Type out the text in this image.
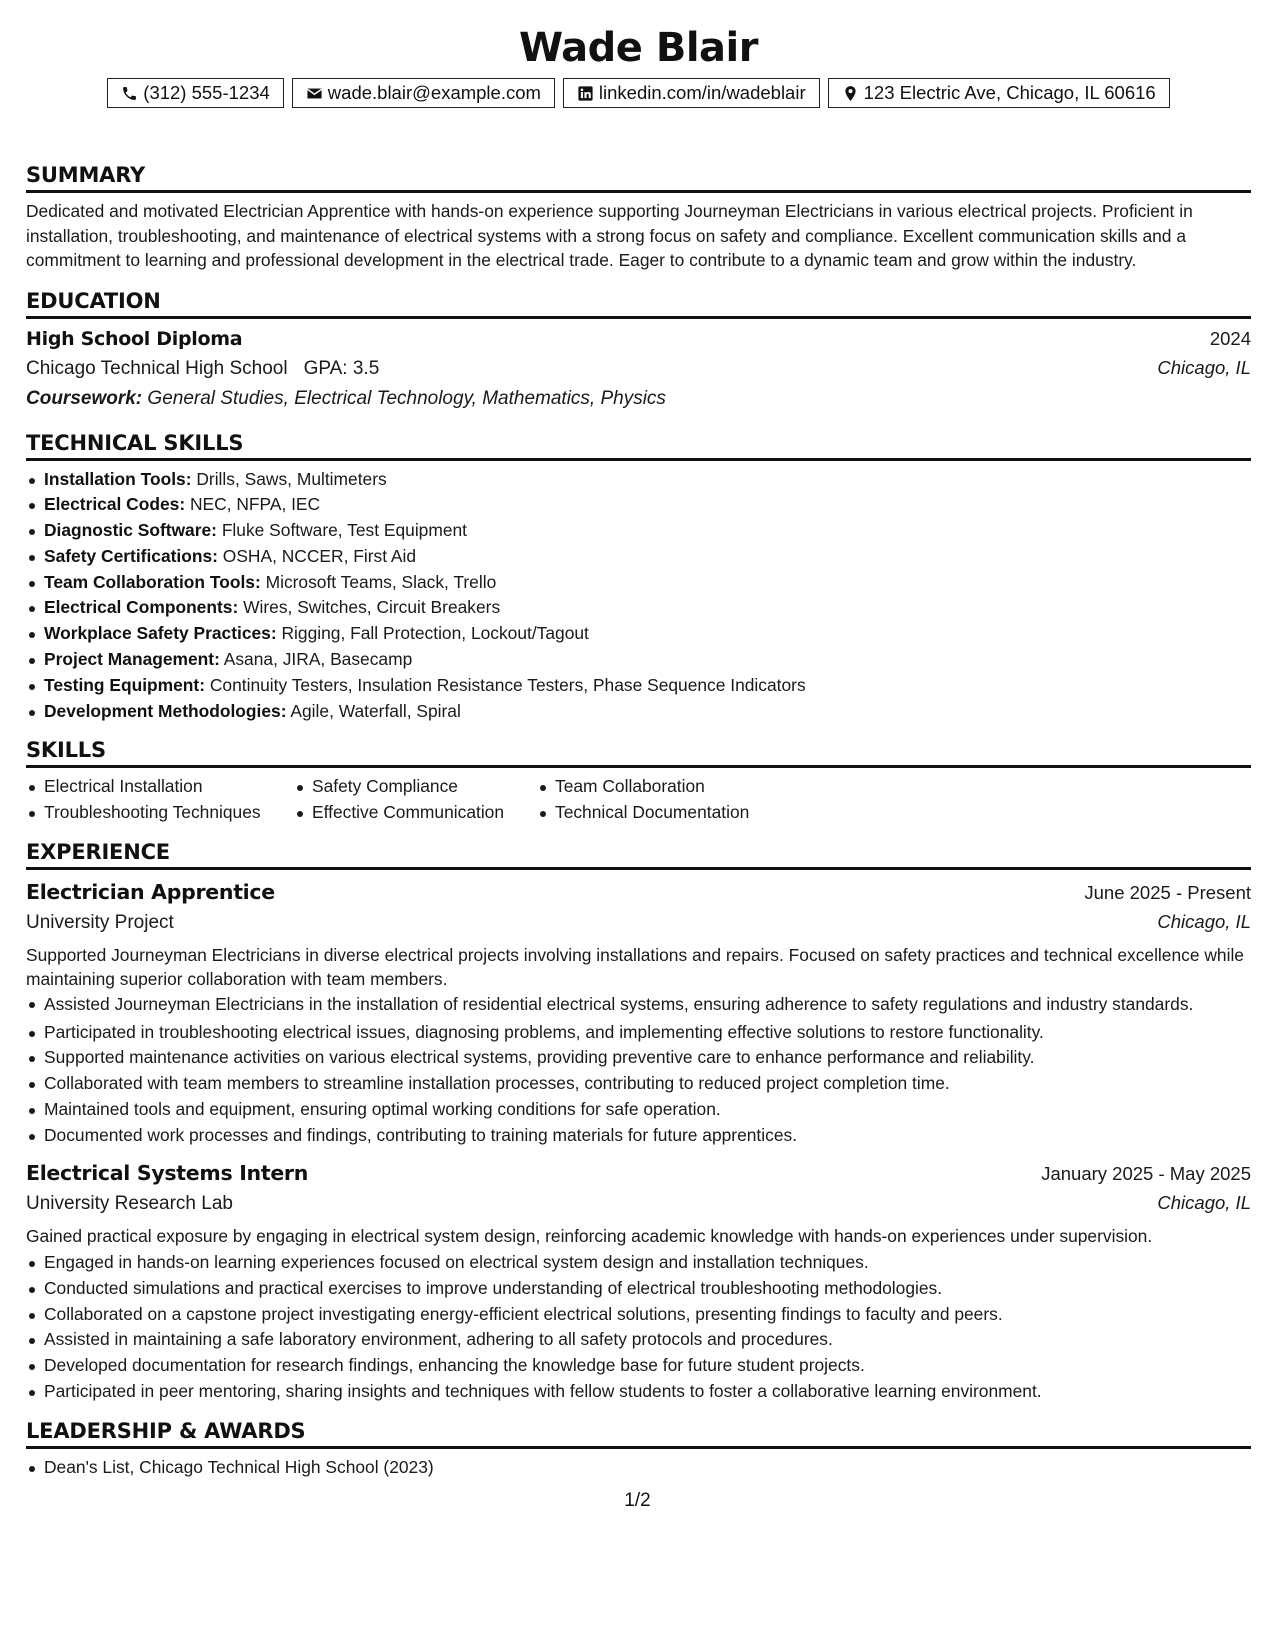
Wade Blair
(312) 555-1234	wade.blair@example.com	linkedin.com/in/wadeblair	123 Electric Ave, Chicago, IL 60616
SUMMARY

Dedicated and motivated Electrician Apprentice with hands-on experience supporting Journeyman Electricians in various electrical projects. Proficient in installation, troubleshooting, and maintenance of electrical systems with a strong focus on safety and compliance. Excellent communication skills and a commitment to learning and professional development in the electrical trade. Eager to contribute to a dynamic team and grow within the industry.

EDUCATION
High School Diploma	2024
Chicago Technical High School GPA: 3.5	Chicago, IL
Coursework: General Studies, Electrical Technology, Mathematics, Physics
TECHNICAL SKILLS
Installation Tools: Drills, Saws, Multimeters
Electrical Codes: NEC, NFPA, IEC
Diagnostic Software: Fluke Software, Test Equipment
Safety Certifications: OSHA, NCCER, First Aid
Team Collaboration Tools: Microsoft Teams, Slack, Trello
Electrical Components: Wires, Switches, Circuit Breakers
Workplace Safety Practices: Rigging, Fall Protection, Lockout/Tagout
Project Management: Asana, JIRA, Basecamp
Testing Equipment: Continuity Testers, Insulation Resistance Testers, Phase Sequence Indicators
Development Methodologies: Agile, Waterfall, Spiral
SKILLS
Electrical Installation
Troubleshooting Techniques
Safety Compliance
Effective Communication
Team Collaboration
Technical Documentation
EXPERIENCE
Electrician Apprentice	June 2025 - Present
University Project	Chicago, IL

Supported Journeyman Electricians in diverse electrical projects involving installations and repairs. Focused on safety practices and technical excellence while maintaining superior collaboration with team members.

Assisted Journeyman Electricians in the installation of residential electrical systems, ensuring adherence to safety regulations and industry standards.
Participated in troubleshooting electrical issues, diagnosing problems, and implementing effective solutions to restore functionality.
Supported maintenance activities on various electrical systems, providing preventive care to enhance performance and reliability.
Collaborated with team members to streamline installation processes, contributing to reduced project completion time.
Maintained tools and equipment, ensuring optimal working conditions for safe operation.
Documented work processes and findings, contributing to training materials for future apprentices.
Electrical Systems Intern	January 2025 - May 2025
University Research Lab	Chicago, IL

Gained practical exposure by engaging in electrical system design, reinforcing academic knowledge with hands-on experiences under supervision.

Engaged in hands-on learning experiences focused on electrical system design and installation techniques.
Conducted simulations and practical exercises to improve understanding of electrical troubleshooting methodologies.
Collaborated on a capstone project investigating energy-efficient electrical solutions, presenting findings to faculty and peers.
Assisted in maintaining a safe laboratory environment, adhering to all safety protocols and procedures.
Developed documentation for research findings, enhancing the knowledge base for future student projects.
Participated in peer mentoring, sharing insights and techniques with fellow students to foster a collaborative learning environment.
LEADERSHIP & AWARDS
Dean's List, Chicago Technical High School (2023)
1/2
